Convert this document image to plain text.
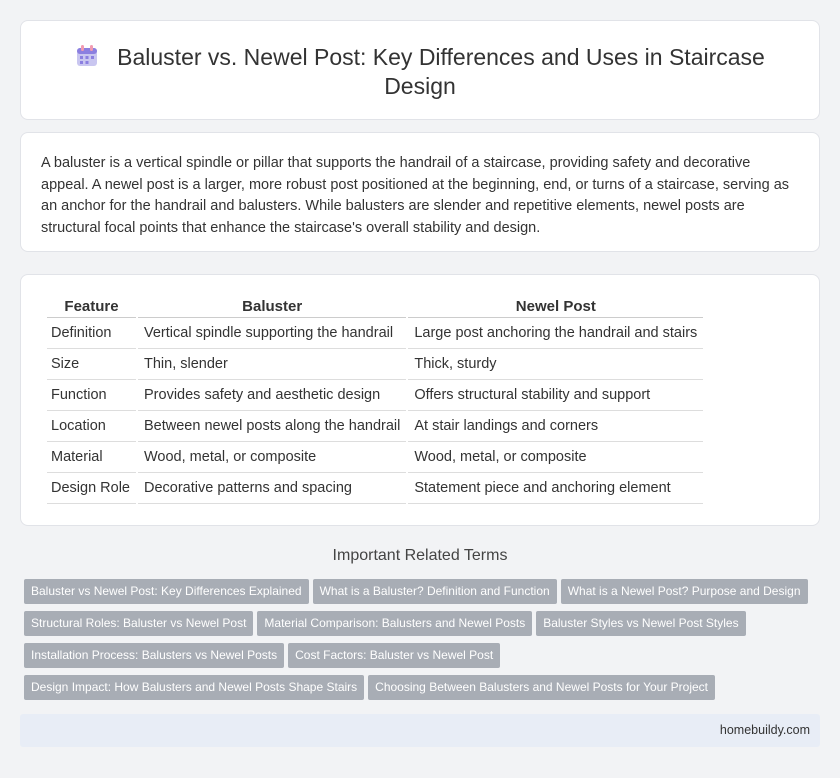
Baluster vs. Newel Post: Key Differences and Uses in Staircase Design

A baluster is a vertical spindle or pillar that supports the handrail of a staircase, providing safety and decorative appeal. A newel post is a larger, more robust post positioned at the beginning, end, or turns of a staircase, serving as an anchor for the handrail and balusters. While balusters are slender and repetitive elements, newel posts are structural focal points that enhance the staircase's overall stability and design.

Feature	Baluster	Newel Post
Definition	Vertical spindle supporting the handrail	Large post anchoring the handrail and stairs
Size	Thin, slender	Thick, sturdy
Function	Provides safety and aesthetic design	Offers structural stability and support
Location	Between newel posts along the handrail	At stair landings and corners
Material	Wood, metal, or composite	Wood, metal, or composite
Design Role	Decorative patterns and spacing	Statement piece and anchoring element
Important Related Terms
Baluster vs Newel Post: Key Differences Explained What is a Baluster? Definition and Function What is a Newel Post? Purpose and DesignStructural Roles: Baluster vs Newel Post Material Comparison: Balusters and Newel Posts Baluster Styles vs Newel Post StylesInstallation Process: Balusters vs Newel Posts Cost Factors: Baluster vs Newel PostDesign Impact: How Balusters and Newel Posts Shape Stairs Choosing Between Balusters and Newel Posts for Your Project
homebuildy.com
